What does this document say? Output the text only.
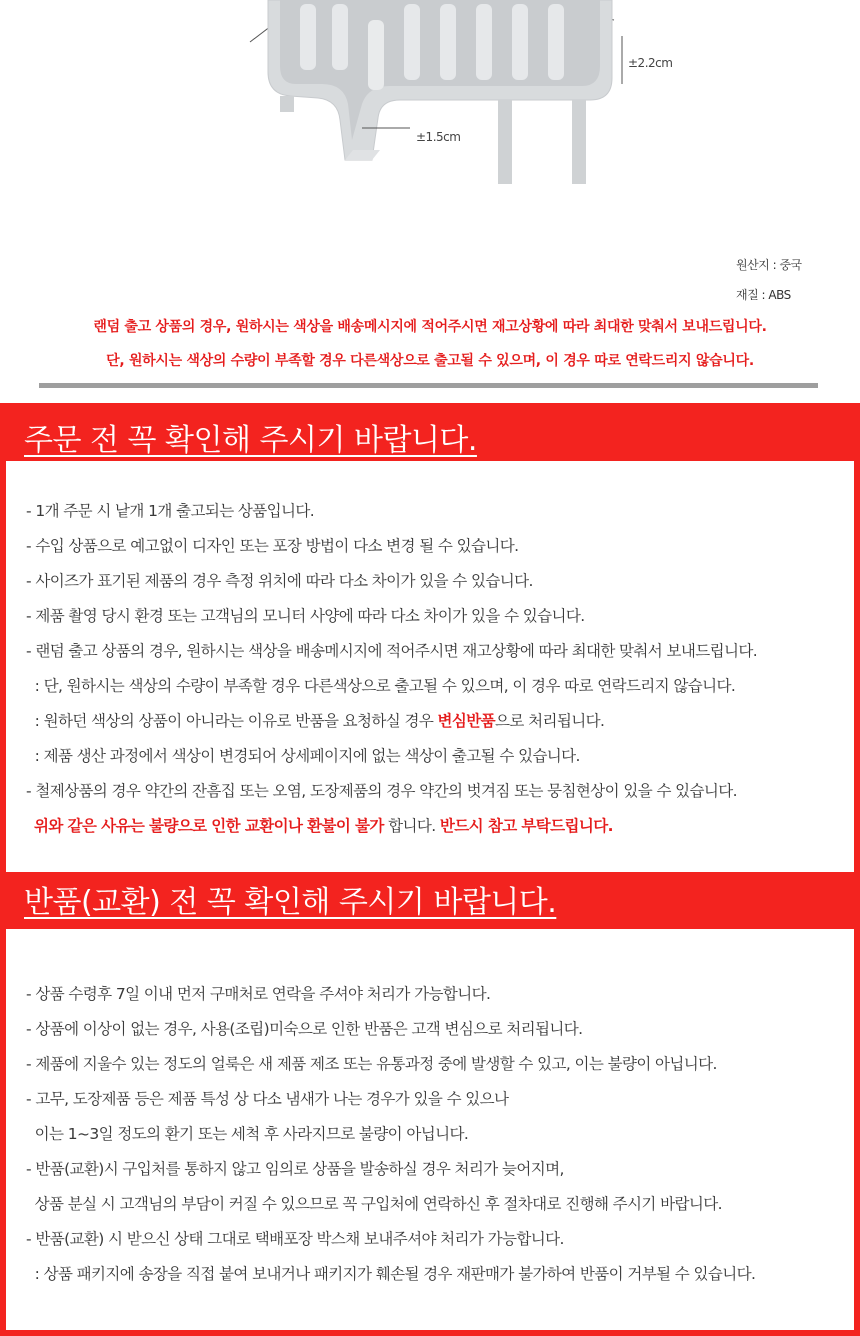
±2.2cm
±1.5cm
원산지 : 중국
재질 : ABS
랜덤 출고 상품의 경우, 원하시는 색상을 배송메시지에 적어주시면 재고상황에 따라 최대한 맞춰서 보내드립니다.
단, 원하시는 색상의 수량이 부족할 경우 다른색상으로 출고될 수 있으며, 이 경우 따로 연락드리지 않습니다.
주문 전 꼭 확인해 주시기 바랍니다.
- 1개 주문 시 낱개 1개 출고되는 상품입니다.
- 수입 상품으로 예고없이 디자인 또는 포장 방법이 다소 변경 될 수 있습니다.
- 사이즈가 표기된 제품의 경우 측정 위치에 따라 다소 차이가 있을 수 있습니다.
- 제품 촬영 당시 환경 또는 고객님의 모니터 사양에 따라 다소 차이가 있을 수 있습니다.
- 랜덤 출고 상품의 경우, 원하시는 색상을 배송메시지에 적어주시면 재고상황에 따라 최대한 맞춰서 보내드립니다.
: 단, 원하시는 색상의 수량이 부족할 경우 다른색상으로 출고될 수 있으며, 이 경우 따로 연락드리지 않습니다.
: 원하던 색상의 상품이 아니라는 이유로 반품을 요청하실 경우 변심반품으로 처리됩니다.
: 제품 생산 과정에서 색상이 변경되어 상세페이지에 없는 색상이 출고될 수 있습니다.
- 철제상품의 경우 약간의 잔흠집 또는 오염, 도장제품의 경우 약간의 벗겨짐 또는 뭉침현상이 있을 수 있습니다.
위와 같은 사유는 불량으로 인한 교환이나 환불이 불가 합니다. 반드시 참고 부탁드립니다.
반품(교환) 전 꼭 확인해 주시기 바랍니다.
- 상품 수령후 7일 이내 먼저 구매처로 연락을 주셔야 처리가 가능합니다.
- 상품에 이상이 없는 경우, 사용(조립)미숙으로 인한 반품은 고객 변심으로 처리됩니다.
- 제품에 지울수 있는 정도의 얼룩은 새 제품 제조 또는 유통과정 중에 발생할 수 있고, 이는 불량이 아닙니다.
- 고무, 도장제품 등은 제품 특성 상 다소 냄새가 나는 경우가 있을 수 있으나
이는 1~3일 정도의 환기 또는 세척 후 사라지므로 불량이 아닙니다.
- 반품(교환)시 구입처를 통하지 않고 임의로 상품을 발송하실 경우 처리가 늦어지며,
상품 분실 시 고객님의 부담이 커질 수 있으므로 꼭 구입처에 연락하신 후 절차대로 진행해 주시기 바랍니다.
- 반품(교환) 시 받으신 상태 그대로 택배포장 박스채 보내주셔야 처리가 가능합니다.
: 상품 패키지에 송장을 직접 붙여 보내거나 패키지가 훼손될 경우 재판매가 불가하여 반품이 거부될 수 있습니다.
